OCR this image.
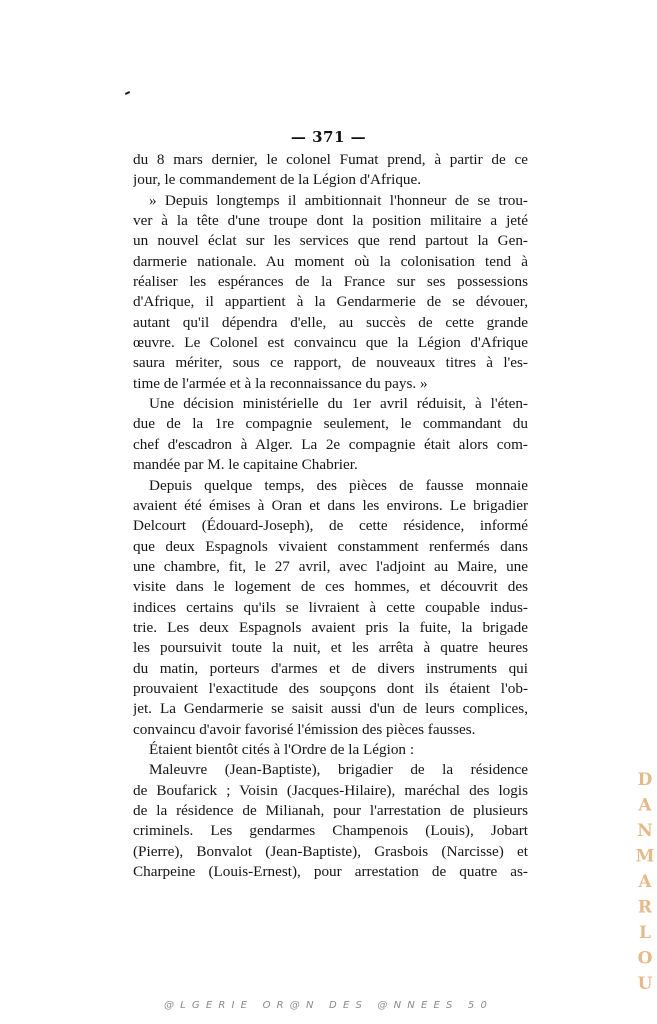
— 371 —
du 8 mars dernier, le colonel Fumat prend, à partir de ce
jour, le commandement de la Légion d'Afrique.
» Depuis longtemps il ambitionnait l'honneur de se trou-
ver à la tête d'une troupe dont la position militaire a jeté
un nouvel éclat sur les services que rend partout la Gen-
darmerie nationale. Au moment où la colonisation tend à
réaliser les espérances de la France sur ses possessions
d'Afrique, il appartient à la Gendarmerie de se dévouer,
autant qu'il dépendra d'elle, au succès de cette grande
œuvre. Le Colonel est convaincu que la Légion d'Afrique
saura mériter, sous ce rapport, de nouveaux titres à l'es-
time de l'armée et à la reconnaissance du pays. »
Une décision ministérielle du 1er avril réduisit, à l'éten-
due de la 1re compagnie seulement, le commandant du
chef d'escadron à Alger. La 2e compagnie était alors com-
mandée par M. le capitaine Chabrier.
Depuis quelque temps, des pièces de fausse monnaie
avaient été émises à Oran et dans les environs. Le brigadier
Delcourt (Édouard-Joseph), de cette résidence, informé
que deux Espagnols vivaient constamment renfermés dans
une chambre, fit, le 27 avril, avec l'adjoint au Maire, une
visite dans le logement de ces hommes, et découvrit des
indices certains qu'ils se livraient à cette coupable indus-
trie. Les deux Espagnols avaient pris la fuite, la brigade
les poursuivit toute la nuit, et les arrêta à quatre heures
du matin, porteurs d'armes et de divers instruments qui
prouvaient l'exactitude des soupçons dont ils étaient l'ob-
jet. La Gendarmerie se saisit aussi d'un de leurs complices,
convaincu d'avoir favorisé l'émission des pièces fausses.
Étaient bientôt cités à l'Ordre de la Légion :
Maleuvre (Jean-Baptiste), brigadier de la résidence
de Boufarick ; Voisin (Jacques-Hilaire), maréchal des logis
de la résidence de Milianah, pour l'arrestation de plusieurs
criminels. Les gendarmes Champenois (Louis), Jobart
(Pierre), Bonvalot (Jean-Baptiste), Grasbois (Narcisse) et
Charpeine (Louis-Ernest), pour arrestation de quatre as-	DANMARLOU
@LGERIE OR@N DES @NNEES 50
